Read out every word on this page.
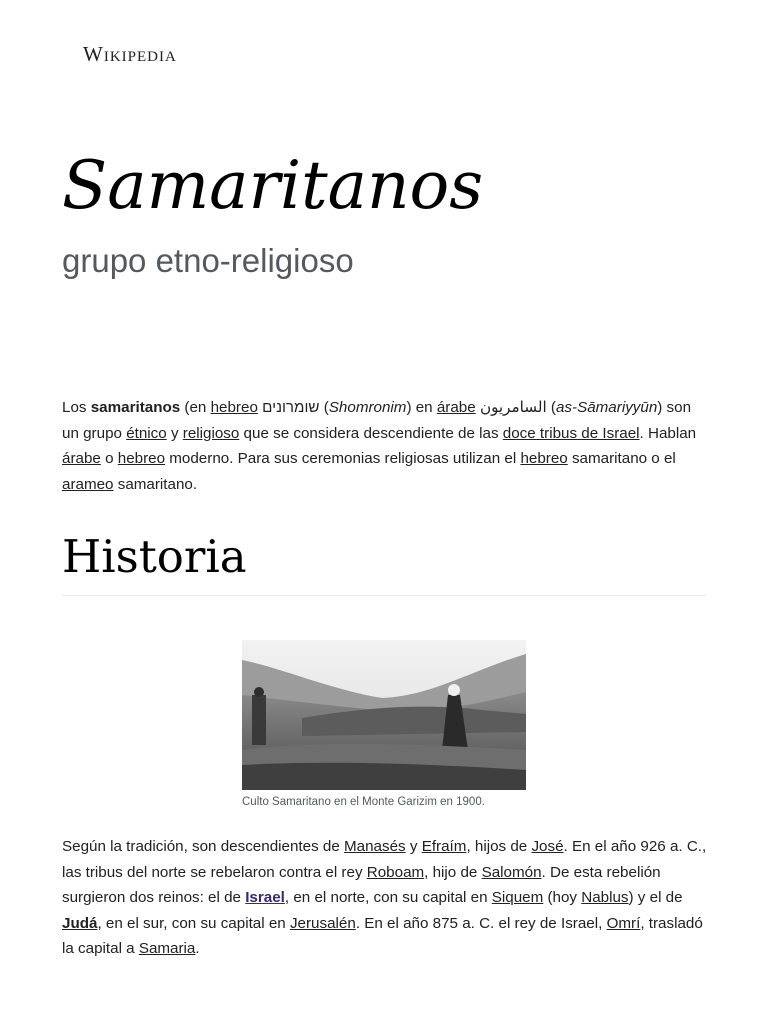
Wikipedia
Samaritanos
grupo etno-religioso

Los samaritanos (en hebreo שומרונים (Shomronim) en árabe السامريون (as-Sāmariyyūn) son un grupo étnico y religioso que se considera descendiente de las doce tribus de Israel. Hablan árabe o hebreo moderno. Para sus ceremonias religiosas utilizan el hebreo samaritano o el arameo samaritano.

Historia
Culto Samaritano en el Monte Garizim en 1900.

Según la tradición, son descendientes de Manasés y Efraím, hijos de José. En el año 926 a. C., las tribus del norte se rebelaron contra el rey Roboam, hijo de Salomón. De esta rebelión surgieron dos reinos: el de Israel, en el norte, con su capital en Siquem (hoy Nablus) y el de Judá, en el sur, con su capital en Jerusalén. En el año 875 a. C. el rey de Israel, Omrí, trasladó la capital a Samaria.
